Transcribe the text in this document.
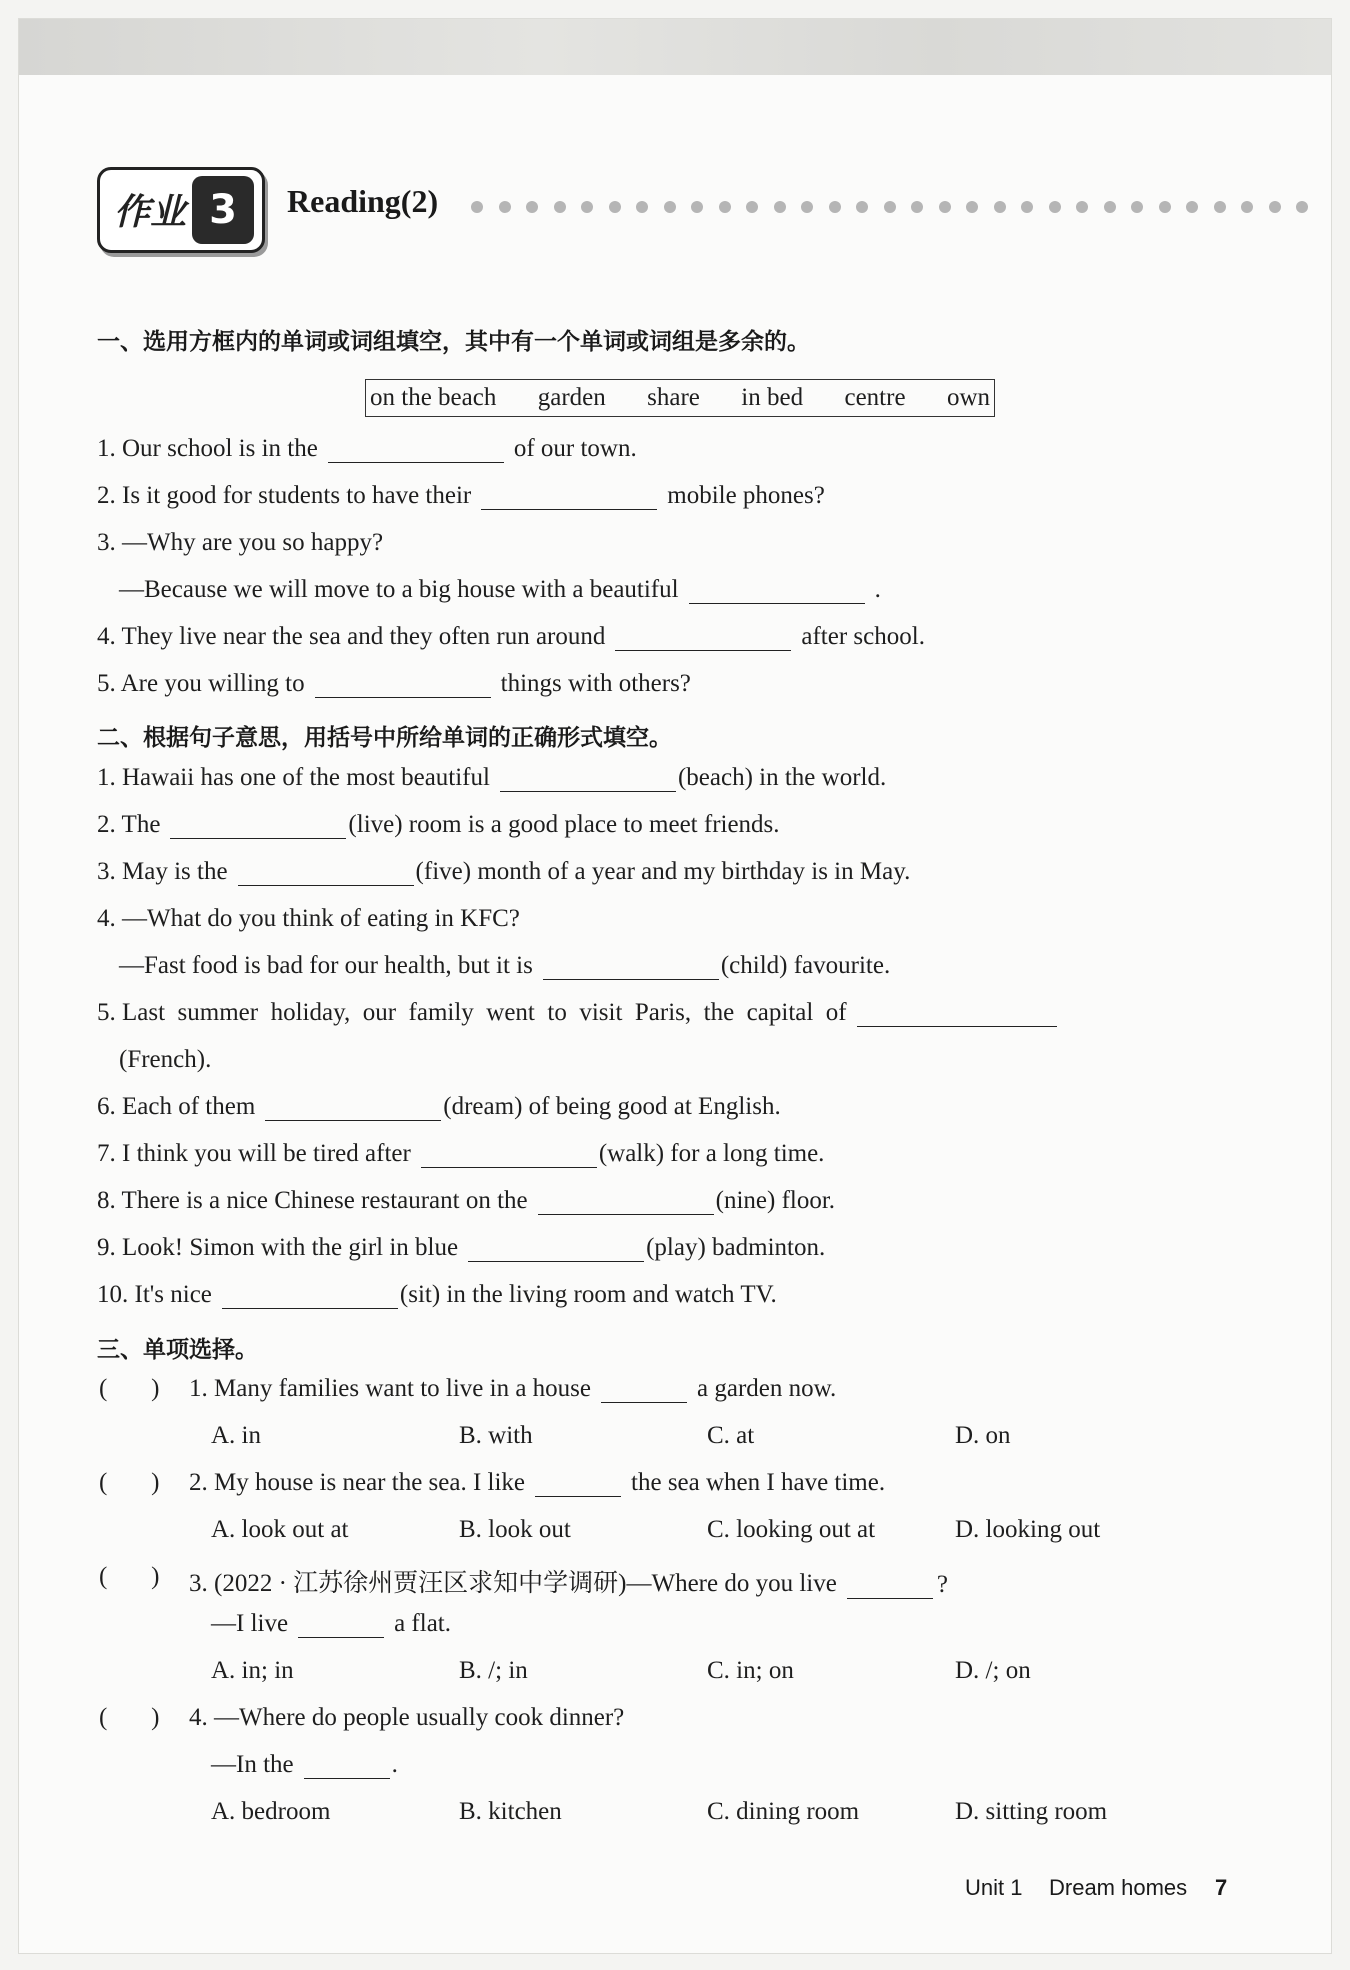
作业 3	Reading(2)
一、选用方框内的单词或词组填空，其中有一个单词或词组是多余的。
on the beach garden share in bed centre own
1. Our school is in the	of our town.
2. Is it good for students to have their	mobile phones?
3. —Why are you so happy?
—Because we will move to a big house with a beautiful	.
4. They live near the sea and they often run around	after school.
5. Are you willing to	things with others?
二、根据句子意思，用括号中所给单词的正确形式填空。
1. Hawaii has one of the most beautiful	(beach) in the world.
2. The	(live) room is a good place to meet friends.
3. May is the	(five) month of a year and my birthday is in May.
4. —What do you think of eating in KFC?
—Fast food is bad for our health, but it is	(child) favourite.
5. Last  summer  holiday,  our  family  went  to  visit  Paris,  the  capital  of
(French).
6. Each of them	(dream) of being good at English.
7. I think you will be tired after	(walk) for a long time.
8. There is a nice Chinese restaurant on the	(nine) floor.
9. Look! Simon with the girl in blue	(play) badminton.
10. It's nice	(sit) in the living room and watch TV.
三、单项选择。
(       ) 1. Many families want to live in a house	a garden now.
A. in	B. with	C. at	D. on
(       ) 2. My house is near the sea. I like	the sea when I have time.
A. look out at	B. look out	C. looking out at	D. looking out
(       ) 3. (2022 · 江苏徐州贾汪区求知中学调研)—Where do you live	?
—I live	a flat.
A. in; in	B. /; in	C. in; on	D. /; on
(       ) 4. —Where do people usually cook dinner?
—In the	.
A. bedroom	B. kitchen	C. dining room	D. sitting room
Unit 1 Dream homes 7
